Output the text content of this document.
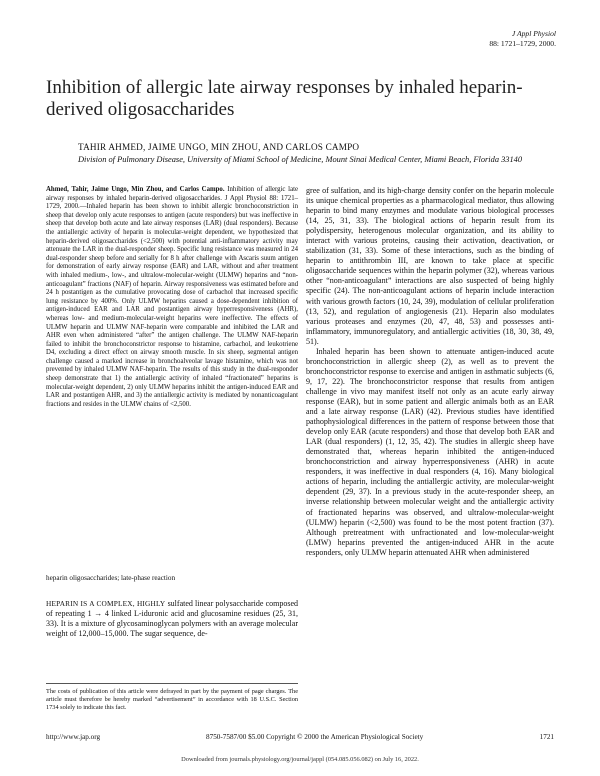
J Appl Physiol
88: 1721–1729, 2000.
Inhibition of allergic late airway responses by inhaled heparin-derived oligosaccharides
TAHIR AHMED, JAIME UNGO, MIN ZHOU, AND CARLOS CAMPO
Division of Pulmonary Disease, University of Miami School of Medicine, Mount Sinai Medical Center, Miami Beach, Florida 33140
Ahmed, Tahir, Jaime Ungo, Min Zhou, and Carlos Campo. Inhibition of allergic late airway responses by inhaled heparin-derived oligosaccharides. J Appl Physiol 88: 1721–1729, 2000.—Inhaled heparin has been shown to inhibit allergic bronchoconstriction in sheep that develop only acute responses to antigen (acute responders) but was ineffective in sheep that develop both acute and late airway responses (LAR) (dual responders). Because the antiallergic activity of heparin is molecular-weight dependent, we hypothesized that heparin-derived oligosaccharides (<2,500) with potential anti-inflammatory activity may attenuate the LAR in the dual-responder sheep. Specific lung resistance was measured in 24 dual-responder sheep before and serially for 8 h after challenge with Ascaris suum antigen for demonstration of early airway response (EAR) and LAR, without and after treatment with inhaled medium-, low-, and ultralow-molecular-weight (ULMW) heparins and “non-anticoagulant” fractions (NAF) of heparin. Airway responsiveness was estimated before and 24 h postantigen as the cumulative provocating dose of carbachol that increased specific lung resistance by 400%. Only ULMW heparins caused a dose-dependent inhibition of antigen-induced EAR and LAR and postantigen airway hyperresponsiveness (AHR), whereas low- and medium-molecular-weight heparins were ineffective. The effects of ULMW heparin and ULMW NAF-heparin were comparable and inhibited the LAR and AHR even when administered “after” the antigen challenge. The ULMW NAF-heparin failed to inhibit the bronchoconstrictor response to histamine, carbachol, and leukotriene D4, excluding a direct effect on airway smooth muscle. In six sheep, segmental antigen challenge caused a marked increase in bronchoalveolar lavage histamine, which was not prevented by inhaled ULMW NAF-heparin. The results of this study in the dual-responder sheep demonstrate that 1) the antiallergic activity of inhaled “fractionated” heparins is molecular-weight dependent, 2) only ULMW heparins inhibit the antigen-induced EAR and LAR and postantigen AHR, and 3) the antiallergic activity is mediated by nonanticoagulant fractions and resides in the ULMW chains of <2,500.
heparin oligosaccharides; late-phase reaction
HEPARIN IS A COMPLEX, HIGHLY sulfated linear polysaccharide composed of repeating 1 → 4 linked L-iduronic acid and glucosamine residues (25, 31, 33). It is a mixture of glycosaminoglycan polymers with an average molecular weight of 12,000–15,000. The sugar sequence, de-
The costs of publication of this article were defrayed in part by the payment of page charges. The article must therefore be hereby marked “advertisement” in accordance with 18 U.S.C. Section 1734 solely to indicate this fact.

gree of sulfation, and its high-charge density confer on the heparin molecule its unique chemical properties as a pharmacological mediator, thus allowing heparin to bind many enzymes and modulate various biological processes (14, 25, 31, 33). The biological actions of heparin result from its polydispersity, heterogenous molecular organization, and its ability to interact with various proteins, causing their activation, deactivation, or stabilization (31, 33). Some of these interactions, such as the binding of heparin to antithrombin III, are known to take place at specific oligosaccharide sequences within the heparin polymer (32), whereas various other “non-anticoagulant” interactions are also suspected of being highly specific (24). The non-anticoagulant actions of heparin include interaction with various growth factors (10, 24, 39), modulation of cellular proliferation (13, 52), and regulation of angiogenesis (21). Heparin also modulates various proteases and enzymes (20, 47, 48, 53) and possesses anti-inflammatory, immunoregulatory, and antiallergic activities (18, 30, 38, 49, 51).

Inhaled heparin has been shown to attenuate antigen-induced acute bronchoconstriction in allergic sheep (2), as well as to prevent the bronchoconstrictor response to exercise and antigen in asthmatic subjects (6, 9, 17, 22). The bronchoconstrictor response that results from antigen challenge in vivo may manifest itself not only as an acute early airway response (EAR), but in some patient and allergic animals both as an EAR and a late airway response (LAR) (42). Previous studies have identified pathophysiological differences in the pattern of response between those that develop only EAR (acute responders) and those that develop both EAR and LAR (dual responders) (1, 12, 35, 42). The studies in allergic sheep have demonstrated that, whereas heparin inhibited the antigen-induced bronchoconstriction and airway hyperresponsiveness (AHR) in acute responders, it was ineffective in dual responders (4, 16). Many biological actions of heparin, including the antiallergic activity, are molecular-weight dependent (29, 37). In a previous study in the acute-responder sheep, an inverse relationship between molecular weight and the antiallergic activity of fractionated heparins was observed, and ultralow-molecular-weight (ULMW) heparin (<2,500) was found to be the most potent fraction (37). Although pretreatment with unfractionated and low-molecular-weight (LMW) heparins prevented the antigen-induced AHR in the acute responders, only ULMW heparin attenuated AHR when administered

http://www.jap.org	8750-7587/00 $5.00 Copyright © 2000 the American Physiological Society	1721
Downloaded from journals.physiology.org/journal/jappl (054.085.056.082) on July 16, 2022.
